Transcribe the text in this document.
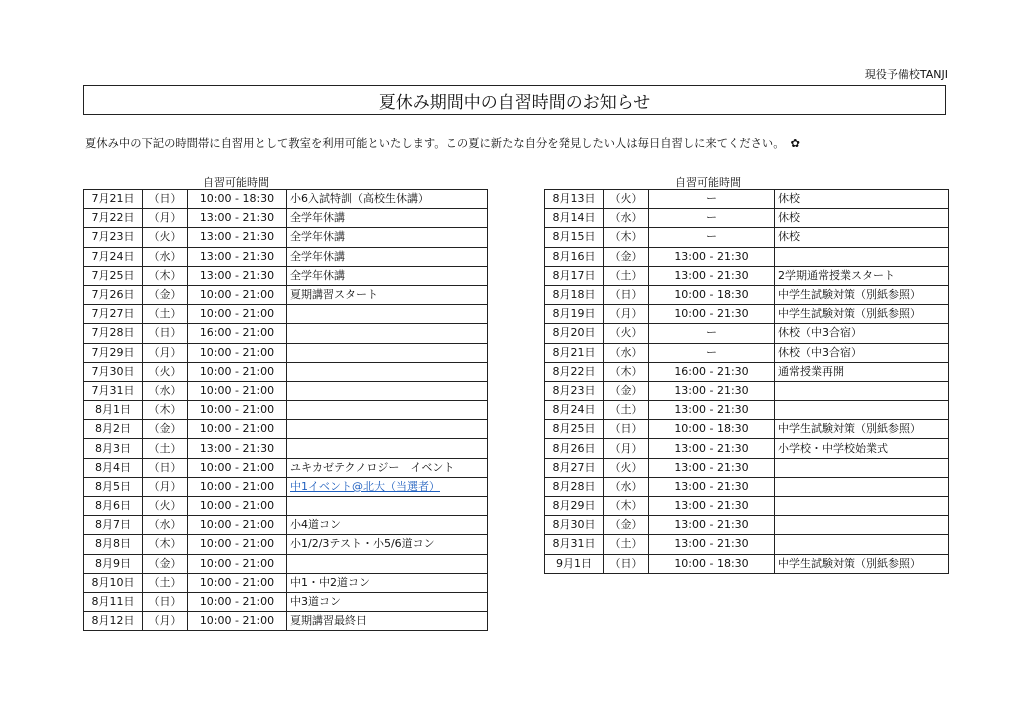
現役予備校TANJI
夏休み期間中の自習時間のお知らせ
夏休み中の下記の時間帯に自習用として教室を利用可能といたします。この夏に新たな自分を発見したい人は毎日自習しに来てください。 ✿
自習可能時間	自習可能時間
7月21日	（日）	10:00 - 18:30	小6入試特訓（高校生休講）
7月22日	（月）	13:00 - 21:30	全学年休講
7月23日	（火）	13:00 - 21:30	全学年休講
7月24日	（水）	13:00 - 21:30	全学年休講
7月25日	（木）	13:00 - 21:30	全学年休講
7月26日	（金）	10:00 - 21:00	夏期講習スタート
7月27日	（土）	10:00 - 21:00	
7月28日	（日）	16:00 - 21:00	
7月29日	（月）	10:00 - 21:00	
7月30日	（火）	10:00 - 21:00	
7月31日	（水）	10:00 - 21:00	
8月1日	（木）	10:00 - 21:00	
8月2日	（金）	10:00 - 21:00	
8月3日	（土）	13:00 - 21:30	
8月4日	（日）	10:00 - 21:00	ユキカゼテクノロジー　イベント
8月5日	（月）	10:00 - 21:00	中1イベント@北大（当選者）
8月6日	（火）	10:00 - 21:00	
8月7日	（水）	10:00 - 21:00	小4道コン
8月8日	（木）	10:00 - 21:00	小1/2/3テスト・小5/6道コン
8月9日	（金）	10:00 - 21:00	
8月10日	（土）	10:00 - 21:00	中1・中2道コン
8月11日	（日）	10:00 - 21:00	中3道コン
8月12日	（月）	10:00 - 21:00	夏期講習最終日
8月13日	（火）	ー	休校
8月14日	（水）	ー	休校
8月15日	（木）	ー	休校
8月16日	（金）	13:00 - 21:30	
8月17日	（土）	13:00 - 21:30	2学期通常授業スタート
8月18日	（日）	10:00 - 18:30	中学生試験対策（別紙参照）
8月19日	（月）	10:00 - 21:30	中学生試験対策（別紙参照）
8月20日	（火）	ー	休校（中3合宿）
8月21日	（水）	ー	休校（中3合宿）
8月22日	（木）	16:00 - 21:30	通常授業再開
8月23日	（金）	13:00 - 21:30	
8月24日	（土）	13:00 - 21:30	
8月25日	（日）	10:00 - 18:30	中学生試験対策（別紙参照）
8月26日	（月）	13:00 - 21:30	小学校・中学校始業式
8月27日	（火）	13:00 - 21:30	
8月28日	（水）	13:00 - 21:30	
8月29日	（木）	13:00 - 21:30	
8月30日	（金）	13:00 - 21:30	
8月31日	（土）	13:00 - 21:30	
9月1日	（日）	10:00 - 18:30	中学生試験対策（別紙参照）
